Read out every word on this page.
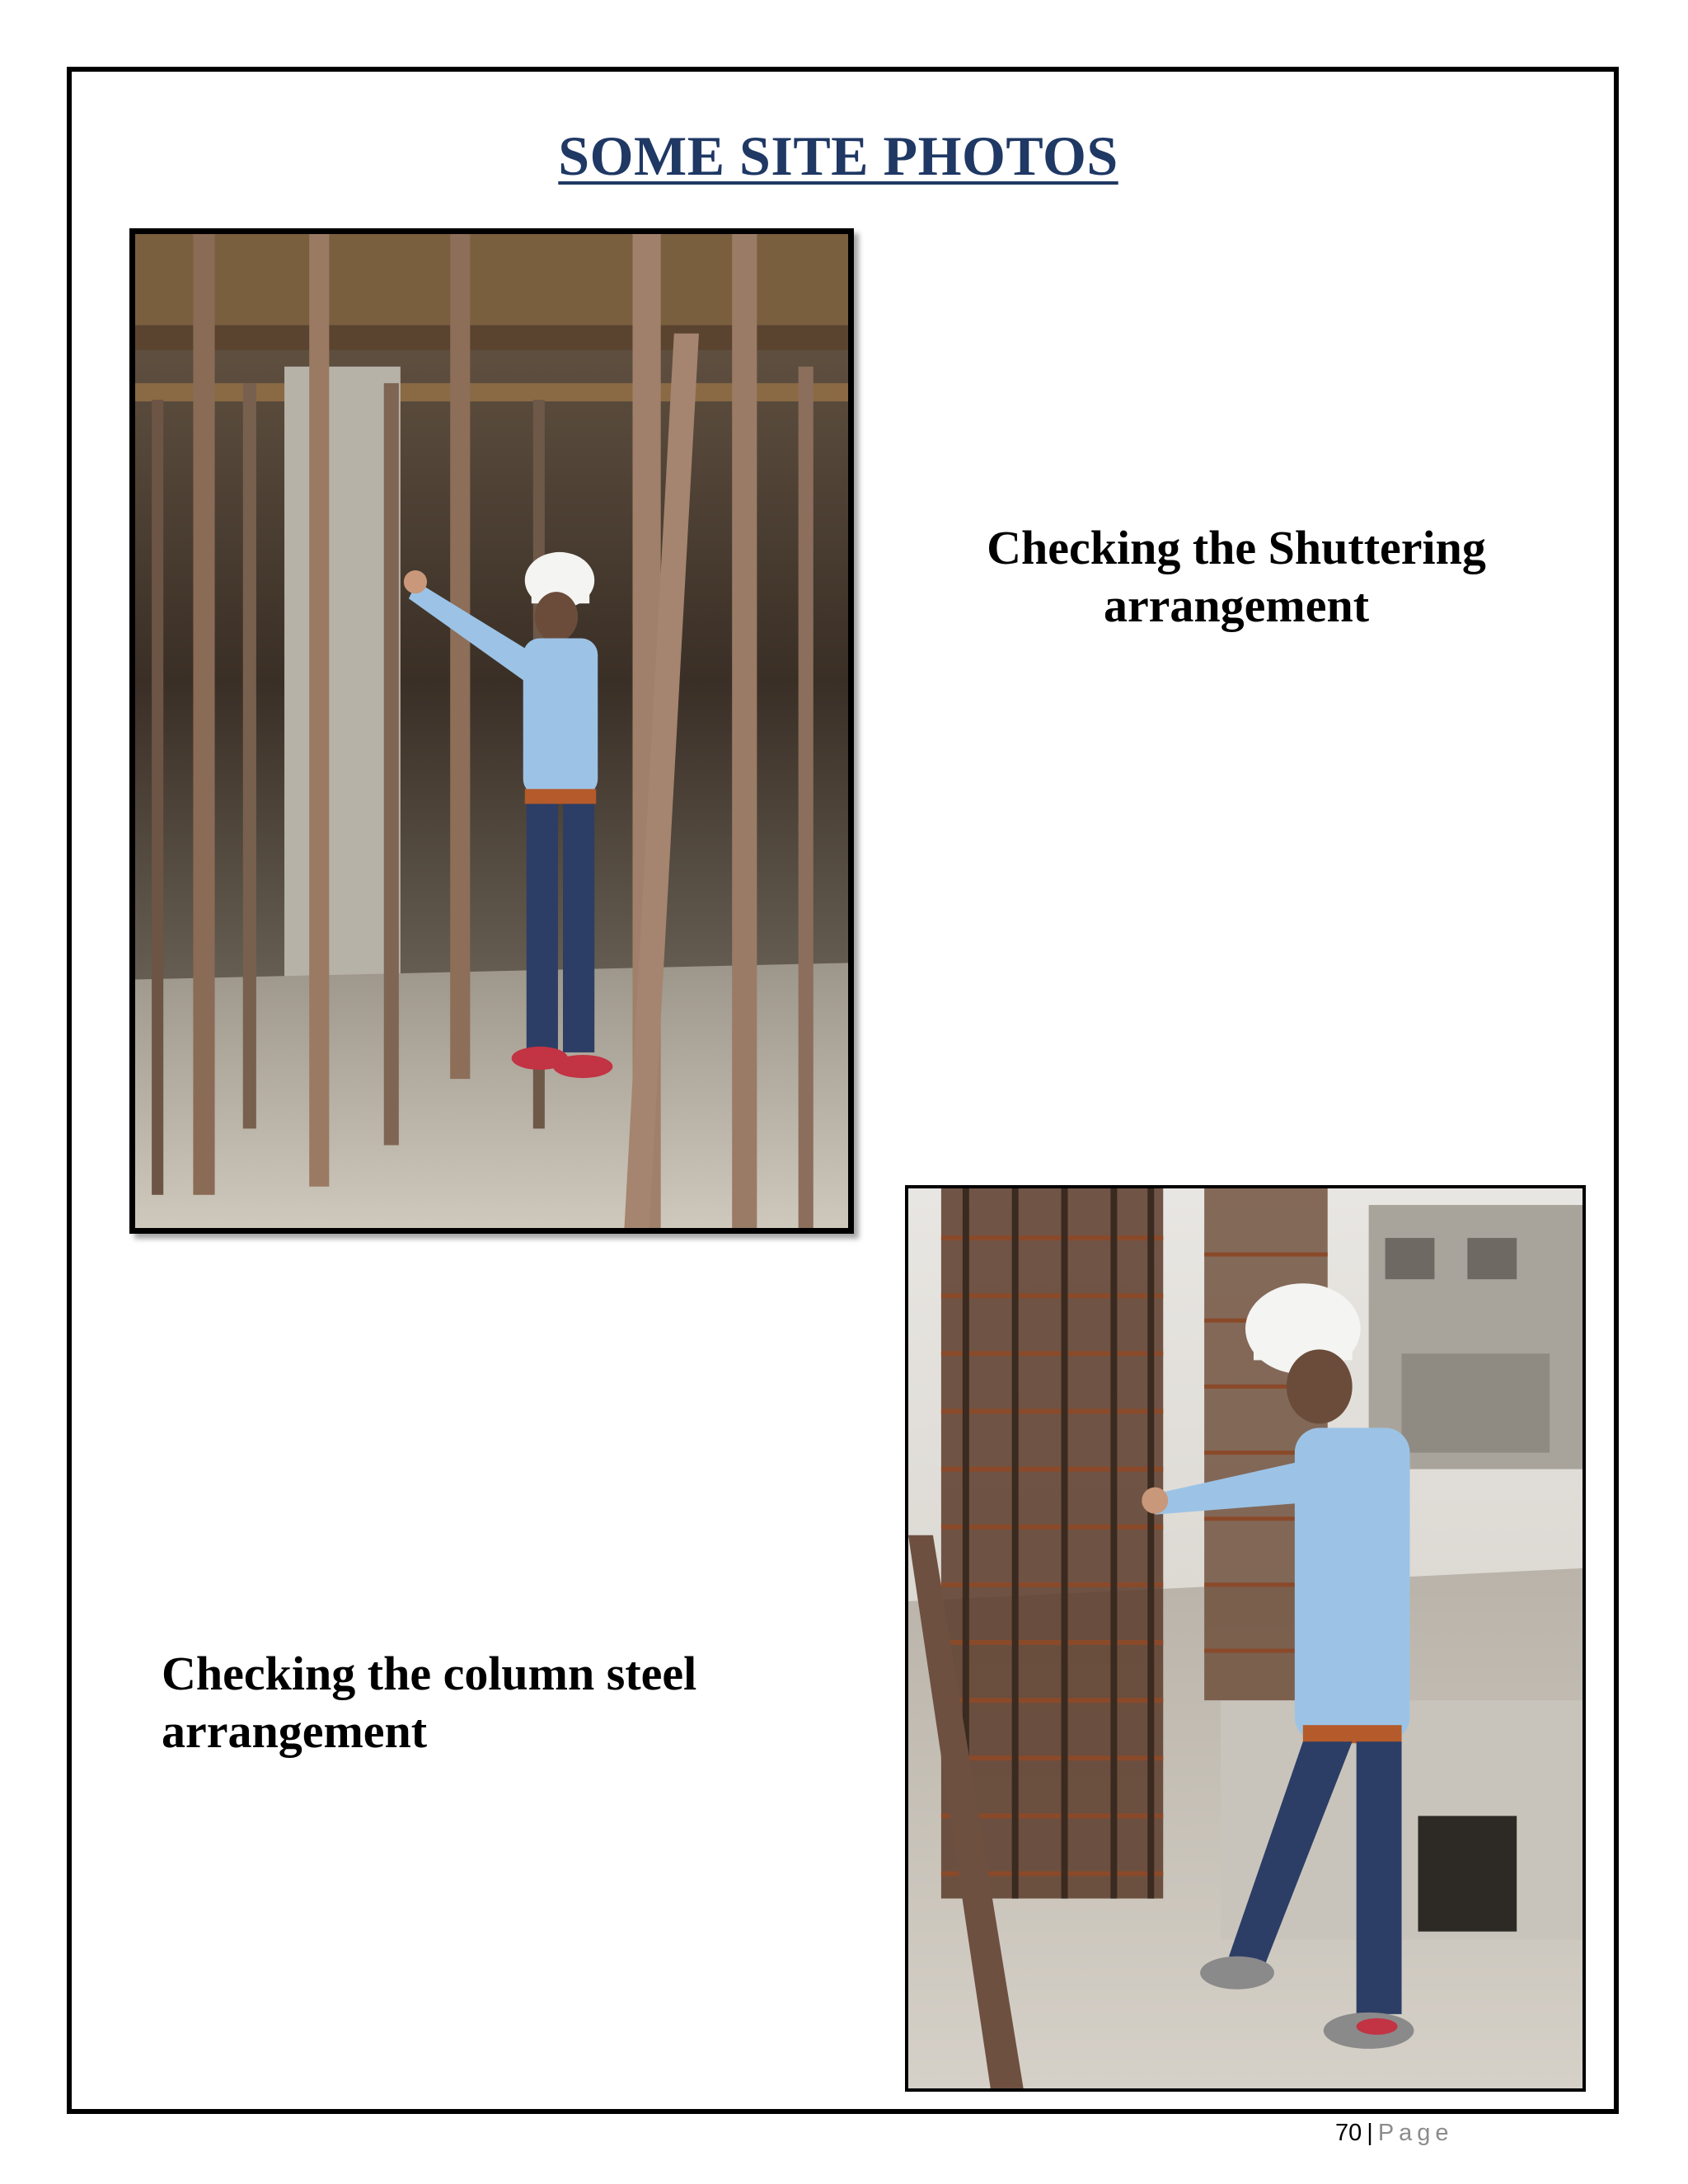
SOME SITE PHOTOS
Checking the Shuttering
arrangement
Checking the column steel
arrangement
70 | Page
